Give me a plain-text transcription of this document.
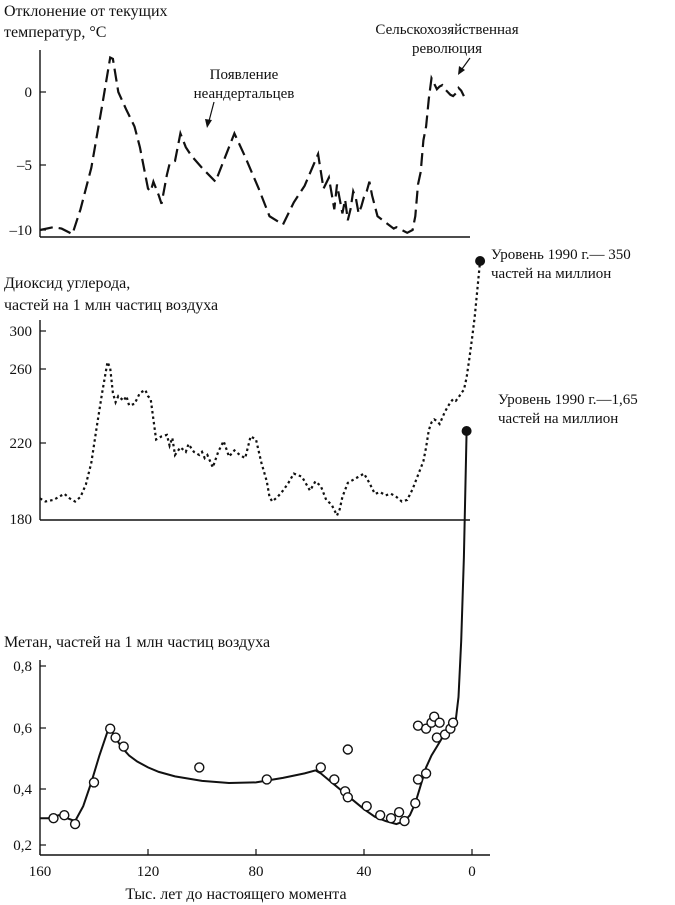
Отклонение от текущих
температур, °C
0
–5
–10
Появление
неандертальцев
Сельскохозяйственная
революция
Диоксид углерода,
частей на 1 млн частиц воздуха
300
260
220
180
Уровень 1990 г.— 350
частей на миллион
Метан, частей на 1 млн частиц воздуха
0,8
0,6
0,4
0,2
160	120	80	40	0
Тыс. лет до настоящего момента
Уровень 1990 г.—1,65
частей на миллион
